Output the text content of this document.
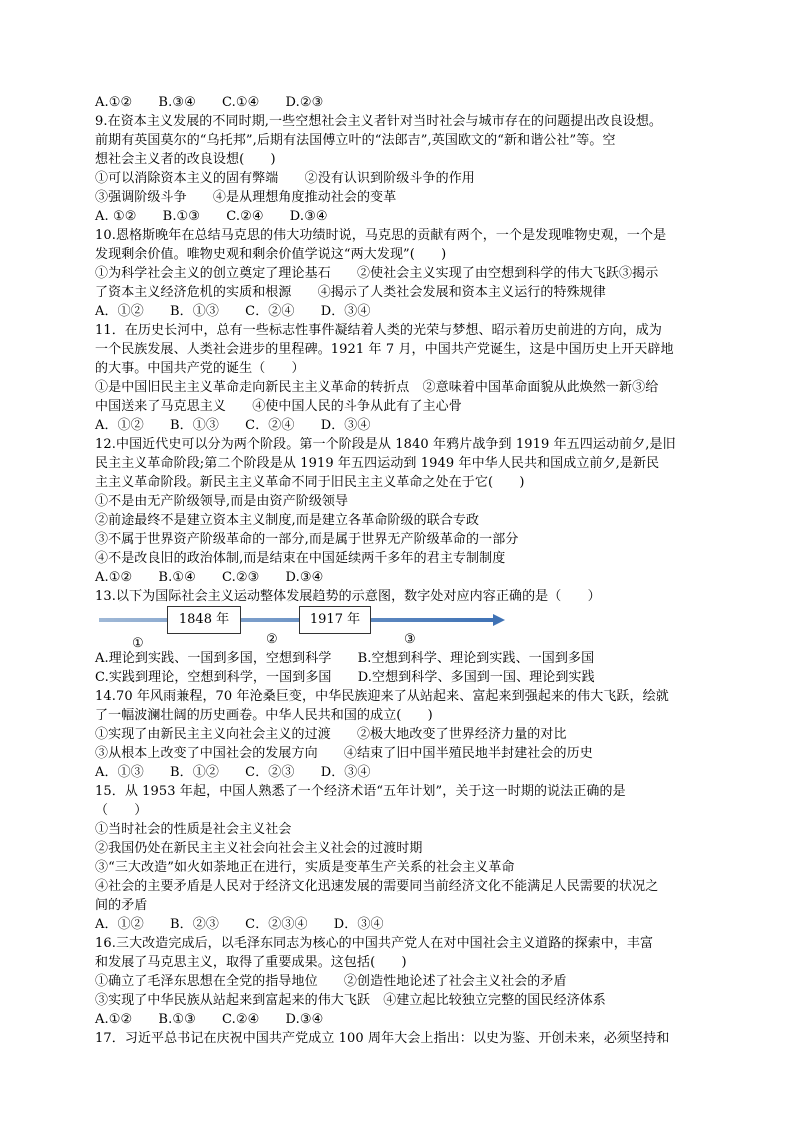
A.①②　　B.③④　　C.①④　　D.②③
9.在资本主义发展的不同时期,一些空想社会主义者针对当时社会与城市存在的问题提出改良设想。
前期有英国莫尔的“乌托邦”,后期有法国傅立叶的“法郎吉”,英国欧文的“新和谐公社”等。空
想社会主义者的改良设想(　　)
①可以消除资本主义的固有弊端　　②没有认识到阶级斗争的作用
③强调阶级斗争　　④是从理想角度推动社会的变革
A. ①②　　B.①③　　C.②④　　D.③④
10.恩格斯晚年在总结马克思的伟大功绩时说，马克思的贡献有两个，一个是发现唯物史观，一个是
发现剩余价值。唯物史观和剩余价值学说这“两大发现”(　　)
①为科学社会主义的创立奠定了理论基石　　②使社会主义实现了由空想到科学的伟大飞跃③揭示
了资本主义经济危机的实质和根源　　④揭示了人类社会发展和资本主义运行的特殊规律
A．①②　　B．①③　　C．②④　　D．③④
11．在历史长河中，总有一些标志性事件凝结着人类的光荣与梦想、昭示着历史前进的方向，成为
一个民族发展、人类社会进步的里程碑。1921 年 7 月，中国共产党诞生，这是中国历史上开天辟地
的大事。中国共产党的诞生（　　）
①是中国旧民主主义革命走向新民主主义革命的转折点　②意味着中国革命面貌从此焕然一新③给
中国送来了马克思主义　　④使中国人民的斗争从此有了主心骨
A．①②　　B．①③　　C．②④　　D．③④
12.中国近代史可以分为两个阶段。第一个阶段是从 1840 年鸦片战争到 1919 年五四运动前夕,是旧
民主主义革命阶段;第二个阶段是从 1919 年五四运动到 1949 年中华人民共和国成立前夕,是新民
主主义革命阶段。新民主主义革命不同于旧民主主义革命之处在于它(　　)
①不是由无产阶级领导,而是由资产阶级领导
②前途最终不是建立资本主义制度,而是建立各革命阶级的联合专政
③不属于世界资产阶级革命的一部分,而是属于世界无产阶级革命的一部分
④不是改良旧的政治体制,而是结束在中国延续两千多年的君主专制制度
A.①②　　B.①④　　C.②③　　D.③④
13.以下为国际社会主义运动整体发展趋势的示意图，数字处对应内容正确的是（　　）
1848 年	1917 年
①	②	③
A.理论到实践、一国到多国，空想到科学　　B.空想到科学、理论到实践、一国到多国
C.实践到理论，空想到科学，一国到多国　　D.空想到科学、多国到一国、理论到实践
14.70 年风雨兼程，70 年沧桑巨变，中华民族迎来了从站起来、富起来到强起来的伟大飞跃，绘就
了一幅波澜壮阔的历史画卷。中华人民共和国的成立(　　)
①实现了由新民主主义向社会主义的过渡　　②极大地改变了世界经济力量的对比
③从根本上改变了中国社会的发展方向　　④结束了旧中国半殖民地半封建社会的历史
A．①③　　B．①②　　C．②③　　D．③④
15．从 1953 年起，中国人熟悉了一个经济术语“五年计划”，关于这一时期的说法正确的是
（　　）
①当时社会的性质是社会主义社会
②我国仍处在新民主主义社会向社会主义社会的过渡时期
③“三大改造”如火如荼地正在进行，实质是变革生产关系的社会主义革命
④社会的主要矛盾是人民对于经济文化迅速发展的需要同当前经济文化不能满足人民需要的状况之
间的矛盾
A．①②　　B．②③　　C．②③④　　D．③④
16.三大改造完成后，以毛泽东同志为核心的中国共产党人在对中国社会主义道路的探索中，丰富
和发展了马克思主义，取得了重要成果。这包括(　　)
①确立了毛泽东思想在全党的指导地位　　②创造性地论述了社会主义社会的矛盾
③实现了中华民族从站起来到富起来的伟大飞跃　④建立起比较独立完整的国民经济体系
A.①②　　B.①③　　C.②④　　D.③④
17．习近平总书记在庆祝中国共产党成立 100 周年大会上指出：以史为鉴、开创未来，必须坚持和
